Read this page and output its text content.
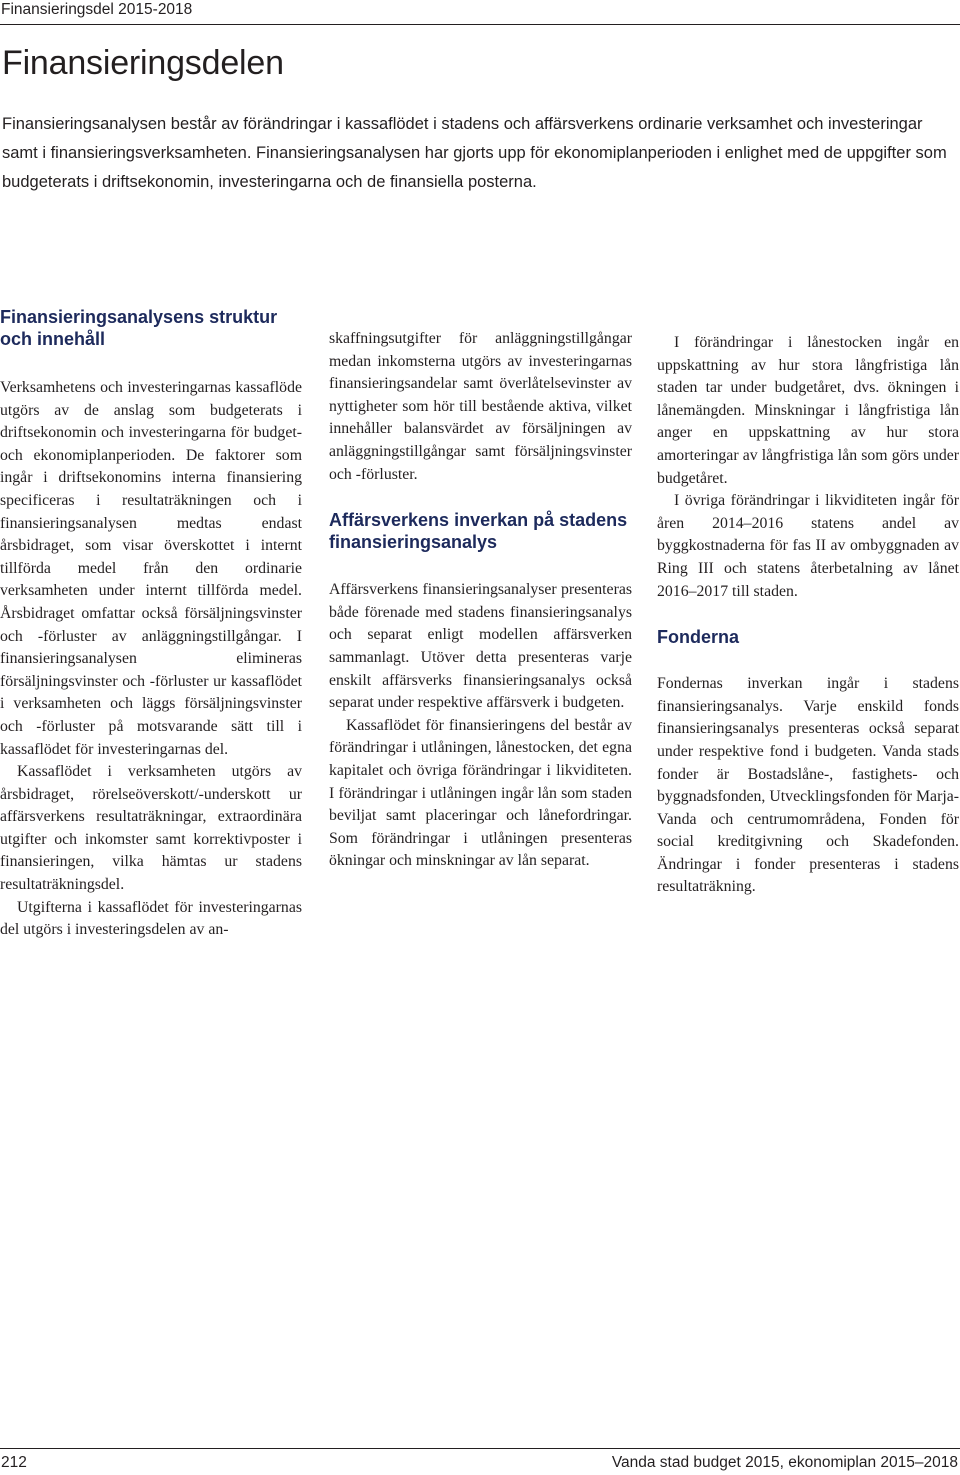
Finansieringsdel 2015-2018
Finansieringsdelen

Finansieringsanalysen består av förändringar i kassaflödet i stadens och affärsverkens ordinarie verksamhet och investeringar samt i finansieringsverksamheten. Finansieringsanalysen har gjorts upp för ekonomiplanperioden i enlighet med de uppgifter som budgeterats i driftsekonomin, investeringarna och de finansiella posterna.

Finansieringsanalysens struktur och innehåll

Verksamhetens och investeringarnas kassaflöde utgörs av de anslag som budgeterats i driftsekonomin och investeringarna för budget- och ekonomiplanperioden. De faktorer som ingår i driftsekonomins interna finansiering specificeras i resultaträkningen och i finansieringsanalysen medtas endast årsbidraget, som visar överskottet i internt tillförda medel från den ordinarie verksamheten under internt tillförda medel. Årsbidraget omfattar också försäljningsvinster och -förluster av anläggningstillgångar. I finansieringsanalysen elimineras försäljningsvinster och -förluster ur kassaflödet i verksamheten och läggs försäljningsvinster och -förluster på motsvarande sätt till i kassaflödet för investeringarnas del.

Kassaflödet i verksamheten utgörs av årsbidraget, rörelseöverskott/-underskott ur affärsverkens resultaträkningar, extraordinära utgifter och inkomster samt korrektivposter i finansieringen, vilka hämtas ur stadens resultaträkningsdel.

Utgifterna i kassaflödet för investeringarnas del utgörs i investeringsdelen av an-

skaffningsutgifter för anläggningstillgångar medan inkomsterna utgörs av investeringarnas finansieringsandelar samt överlåtelsevinster av nyttigheter som hör till bestående aktiva, vilket innehåller balansvärdet av försäljningen av anläggningstillgångar samt försäljningsvinster och -förluster.

Affärsverkens inverkan på stadens finansieringsanalys

Affärsverkens finansieringsanalyser presenteras både förenade med stadens finansieringsanalys och separat enligt modellen affärsverken sammanlagt. Utöver detta presenteras varje enskilt affärsverks finansieringsanalys också separat under respektive affärsverk i budgeten.

Kassaflödet för finansieringens del består av förändringar i utlåningen, lånestocken, det egna kapitalet och övriga förändringar i likviditeten. I förändringar i utlåningen ingår lån som staden beviljat samt placeringar och lånefordringar. Som förändringar i utlåningen presenteras ökningar och minskningar av lån separat.

I förändringar i lånestocken ingår en uppskattning av hur stora långfristiga lån staden tar under budgetåret, dvs. ökningen i lånemängden. Minskningar i långfristiga lån anger en uppskattning av hur stora amorteringar av långfristiga lån som görs under budgetåret.

I övriga förändringar i likviditeten ingår för åren 2014–2016 statens andel av byggkostnaderna för fas II av ombyggnaden av Ring III och statens återbetalning av lånet 2016–2017 till staden.

Fonderna

Fondernas inverkan ingår i stadens finansieringsanalys. Varje enskild fonds finansieringsanalys presenteras också separat under respektive fond i budgeten. Vanda stads fonder är Bostadslåne-, fastighets- och byggnadsfonden, Utvecklingsfonden för Marja-Vanda och centrumområdena, Fonden för social kreditgivning och Skadefonden. Ändringar i fonder presenteras i stadens resultaträkning.

212	Vanda stad budget 2015, ekonomiplan 2015–2018
